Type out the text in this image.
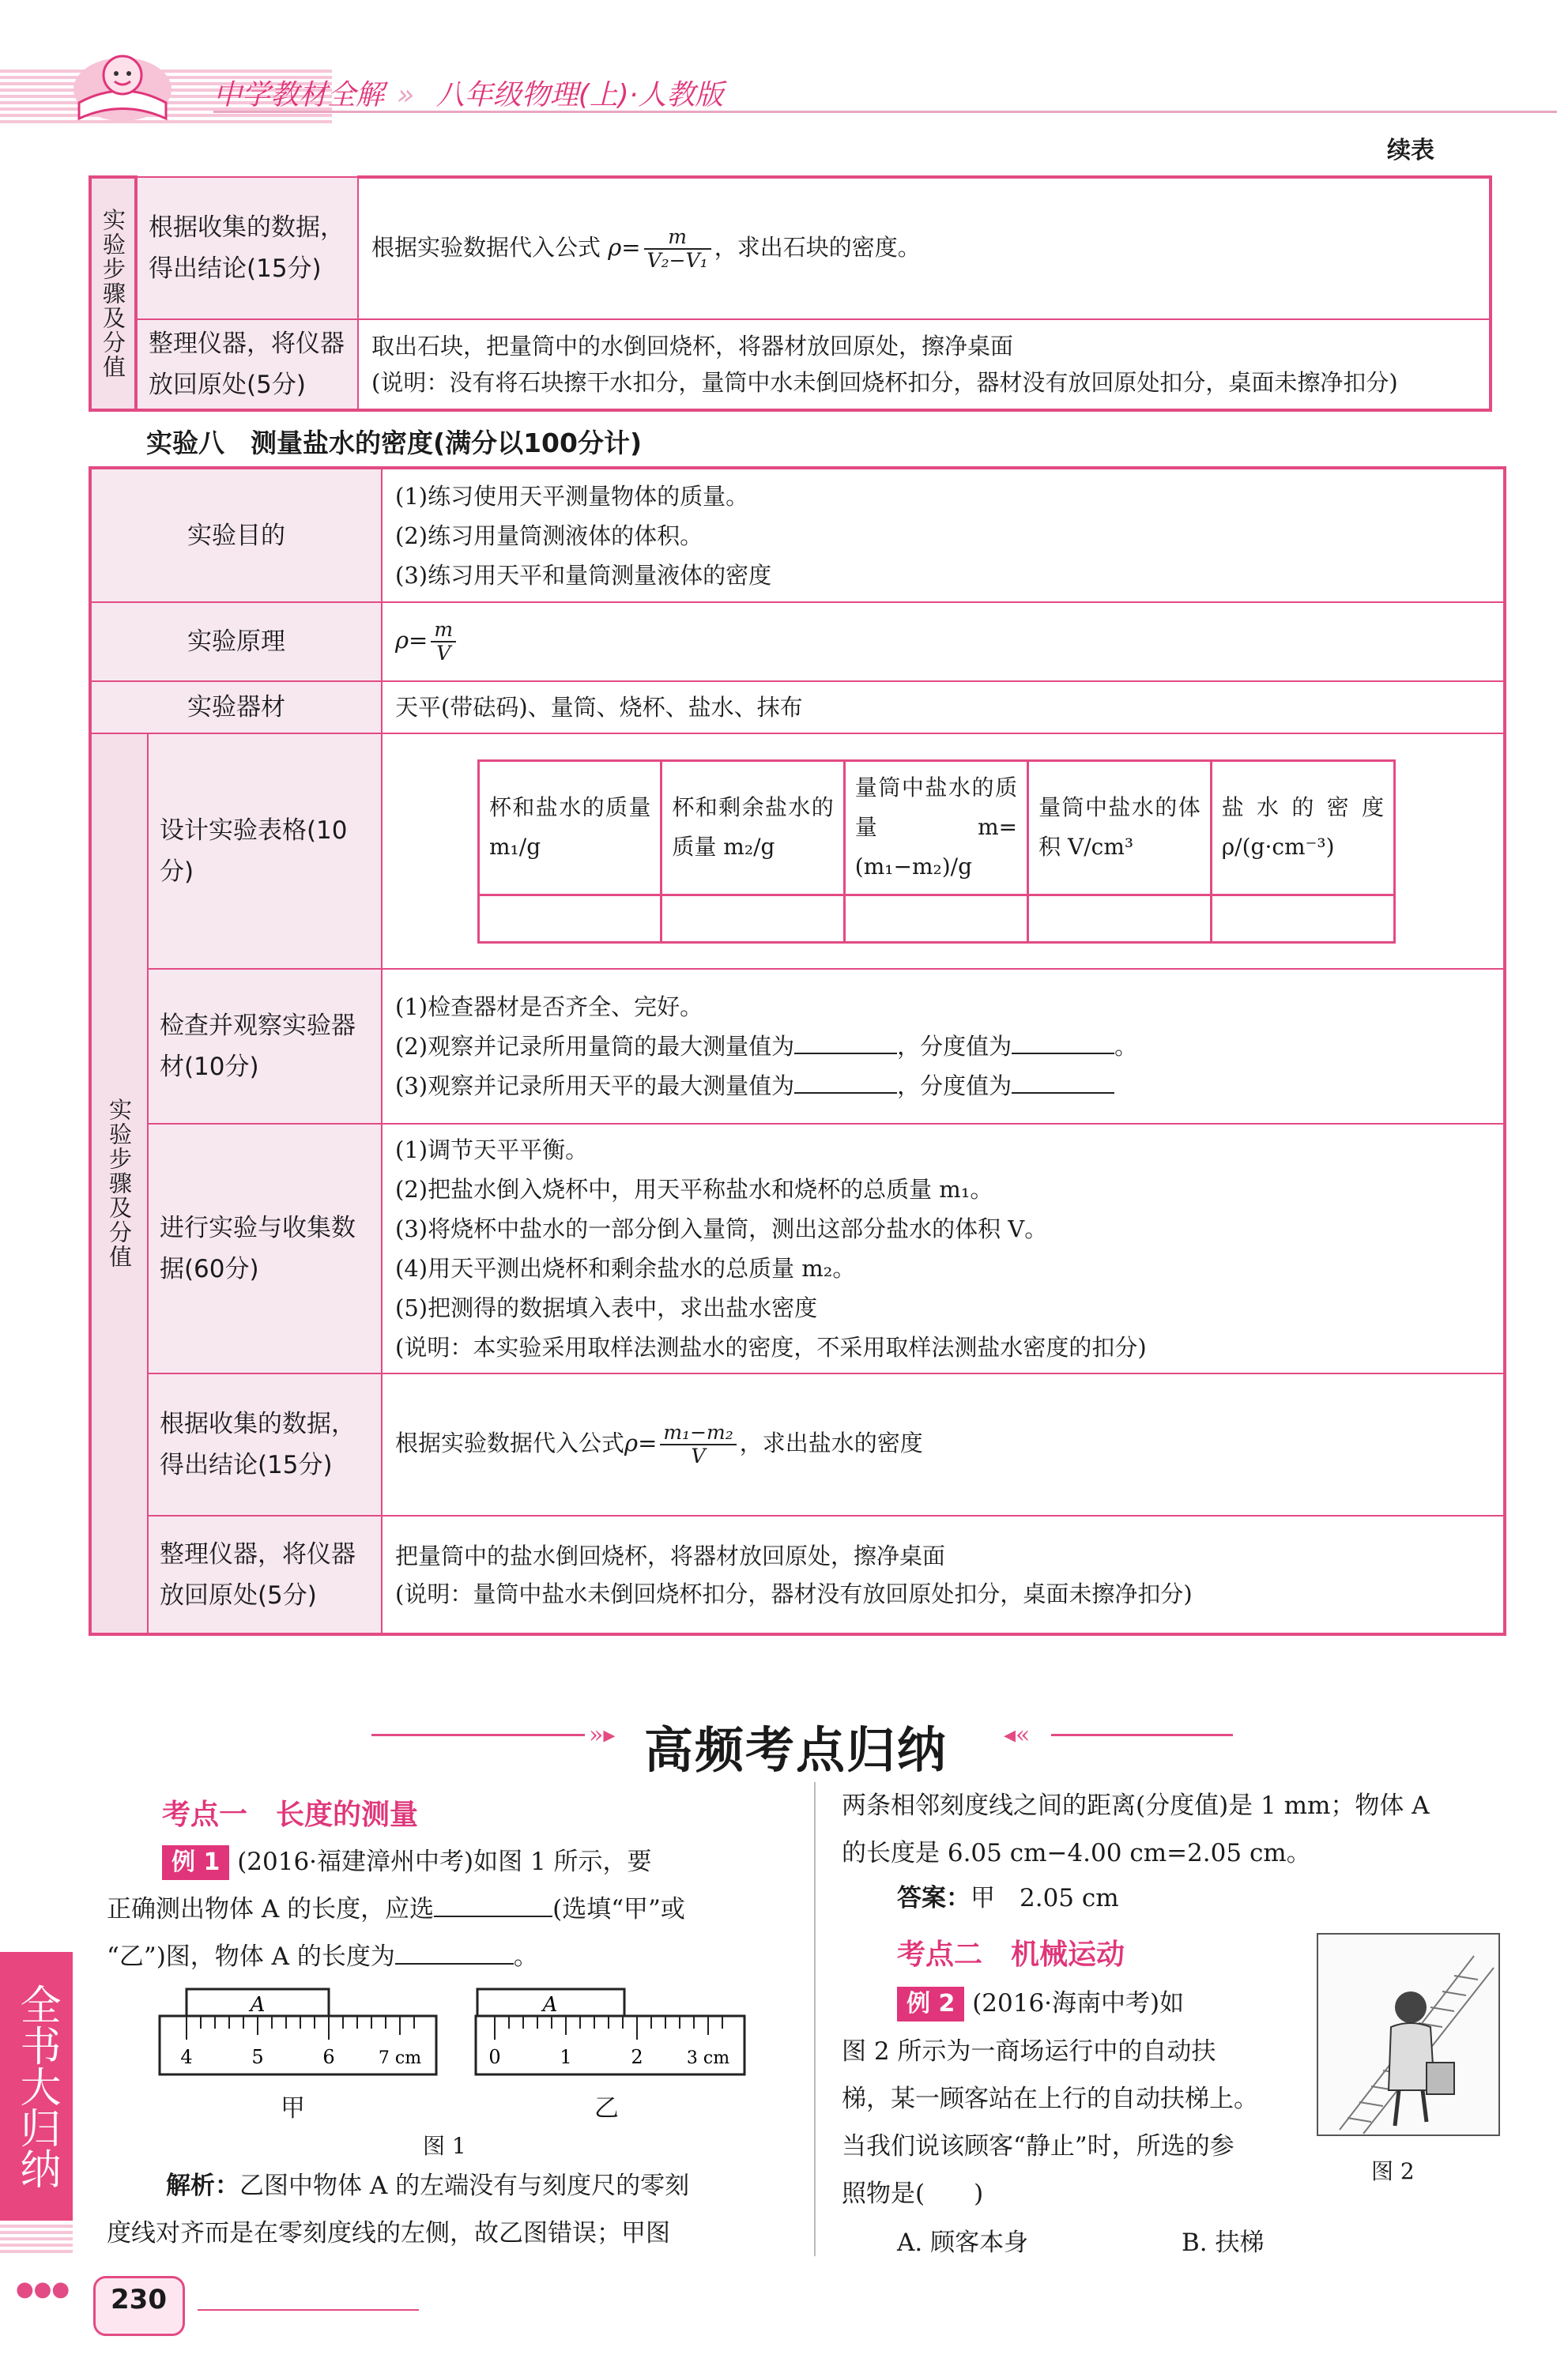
中学教材全解 » 八年级物理(上)·人教版
续表
实验步骤及分值	根据收集的数据，得出结论(15分)	根据实验数据代入公式 $\rho= \frac{m}{\text{V₂−V₁}}$ ，求出石块的密度。
	整理仪器，将仪器放回原处(5分)	取出石块，把量筒中的水倒回烧杯，将器材放回原处，擦净桌面
(说明：没有将石块擦干水扣分，量筒中水未倒回烧杯扣分，器材没有放回原处扣分，桌面未擦净扣分)
实验八　测量盐水的密度(满分以100分计)
实验目的	
(1)练习使用天平测量物体的质量。
(2)练习用量筒测液体的体积。
(3)练习用天平和量筒测量液体的密度

实验原理	$\rho= \frac{m}{V}$

实验器材	天平(带砝码)、量筒、烧杯、盐水、抹布

实验步骤及分值
	设计实验表格(10分)	
杯和盐水的质量 m₁/g	杯和剩余盐水的质量 m₂/g	量筒中盐水的质量 m=(m₁−m₂)/g	量筒中盐水的体积 V/cm³	盐水的密度 ρ/(g·cm⁻³)

检查并观察实验器材(10分)	
(1)检查器材是否齐全、完好。
(2)观察并记录所用量筒的最大测量值为	，分度值为	。
(3)观察并记录所用天平的最大测量值为	，分度值为

进行实验与收集数据(60分)	
(1)调节天平平衡。
(2)把盐水倒入烧杯中，用天平称盐水和烧杯的总质量 m₁。
(3)将烧杯中盐水的一部分倒入量筒，测出这部分盐水的体积 V。
(4)用天平测出烧杯和剩余盐水的总质量 m₂。
(5)把测得的数据填入表中，求出盐水密度
(说明：本实验采用取样法测盐水的密度，不采用取样法测盐水密度的扣分)

根据收集的数据，得出结论(15分)	根据实验数据代入公式$\rho= \frac{\text{m₁−m₂}}{V}$ ，求出盐水的密度
整理仪器，将仪器放回原处(5分)	
把量筒中的盐水倒回烧杯，将器材放回原处，擦净桌面
(说明：量筒中盐水未倒回烧杯扣分，器材没有放回原处扣分，桌面未擦净扣分)
»▸ 高频考点归纳 ◂«
考点一　长度的测量
例 1 (2016·福建漳州中考)如图 1 所示，要
正确测出物体 A 的长度，应选	(选填“甲”或
“乙”)图，物体 A 的长度为	。
A
4	5	6	7 cm
甲
A
0	1	2	3 cm
乙
图 1
解析：乙图中物体 A 的左端没有与刻度尺的零刻
度线对齐而是在零刻度线的左侧，故乙图错误；甲图
两条相邻刻度线之间的距离(分度值)是 1 mm；物体 A
的长度是 6.05 cm−4.00 cm=2.05 cm。
答案：甲　2.05 cm
考点二　机械运动
例 2 (2016·海南中考)如
图 2 所示为一商场运行中的自动扶
梯，某一顾客站在上行的自动扶梯上。
当我们说该顾客“静止”时，所选的参
照物是(　　)
A. 顾客本身	B. 扶梯
图 2
全书大归纳
●●● 230
